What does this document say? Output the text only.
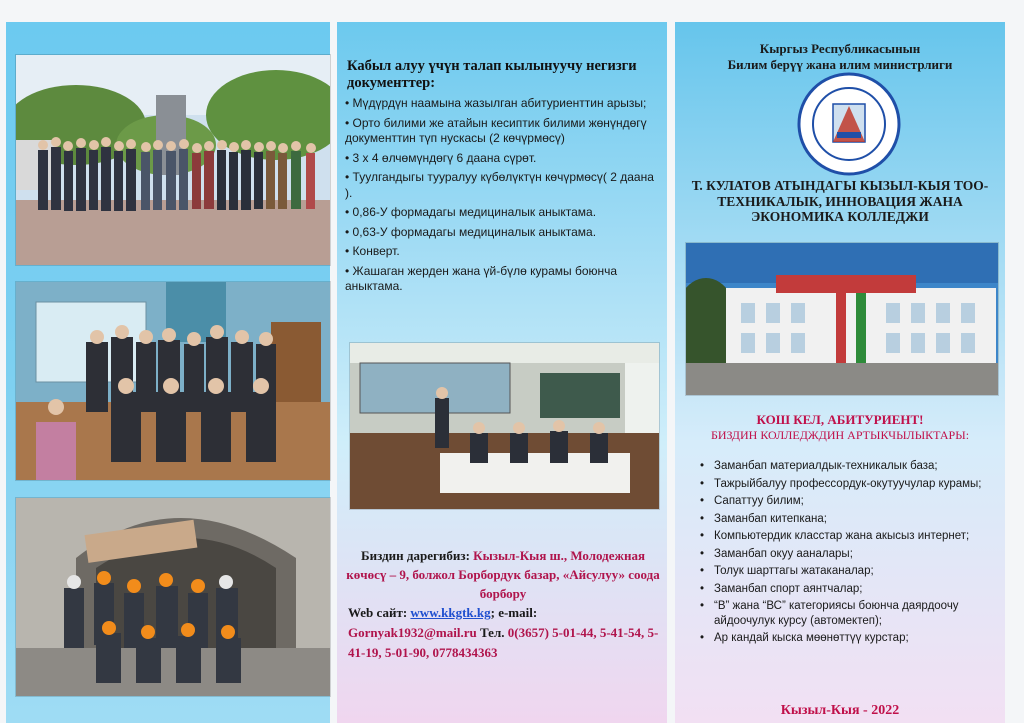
Кабыл алуу үчүн талап кылынуучу негизги документтер:
• Мүдүрдүн наамына жазылган абитуриенттин арызы;
• Орто билими же атайын кесиптик билими жөнүндөгү документтин түп нускасы (2 көчүрмөсү)
• 3 х 4 өлчөмүндөгү 6 даана сүрөт.
• Туулгандыгы тууралуу күбөлүктүн көчүрмөсү( 2 даана ).
• 0,86-У формадагы медициналык аныктама.
• 0,63-У формадагы медициналык аныктама.
• Конверт.
• Жашаган жерден жана үй-бүлө курамы боюнча аныктама.
Биздин дарегибиз: Кызыл-Кыя ш., Молодежная көчөсү – 9, болжол Борбордук базар, «Айсулуу» соода борбору
Web сайт: www.kkgtk.kg; e-mail: Gornyak1932@mail.ru Тел. 0(3657) 5-01-44, 5-41-54, 5-41-19, 5-01-90, 0778434363
Кыргыз Республикасынын
Билим берүү жана илим министрлиги
Т. КУЛАТОВ АТЫНДАГЫ КЫЗЫЛ-КЫЯ ТОО-ТЕХНИКАЛЫК, ИННОВАЦИЯ ЖАНА ЭКОНОМИКА КОЛЛЕДЖИ
КОШ КЕЛ, АБИТУРИЕНТ!
БИЗДИН КОЛЛЕДЖДИН АРТЫКЧЫЛЫКТАРЫ:
• Заманбап материалдык-техникалык база;
• Тажрыйбалуу профессордук-окутуучулар курамы;
• Сапаттуу билим;
• Заманбап китепкана;
• Компьютердик класстар жана акысыз интернет;
• Заманбап окуу ааналары;
• Толук шарттагы жатаканалар;
• Заманбап спорт аянтчалар;
• “В” жана “ВС” категориясы боюнча даярдоочу айдоочулук курсу (автомектеп);
• Ар кандай кыска мөөнөттүү курстар;
Кызыл-Кыя - 2022
